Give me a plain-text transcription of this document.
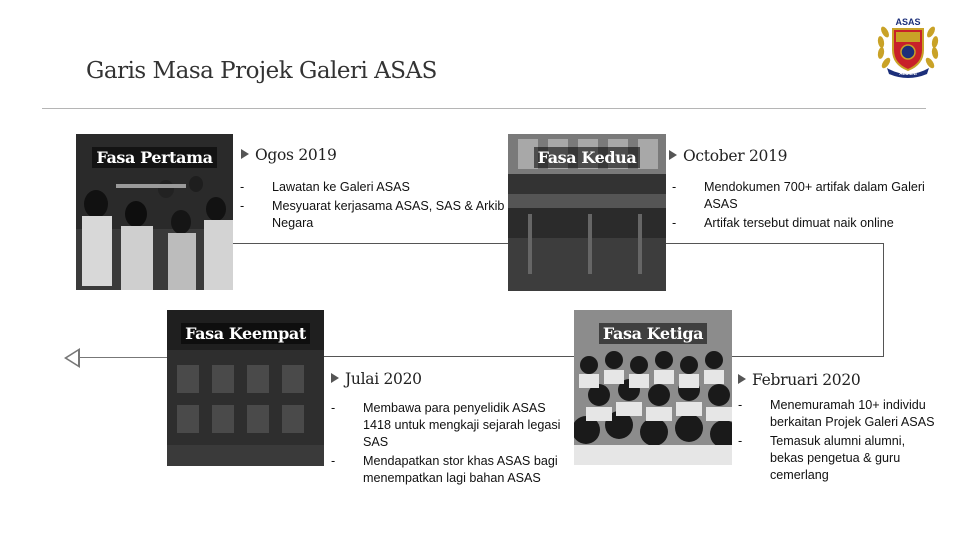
Garis Masa Projek Galeri ASAS
ASAS
ALUMNI
Fasa Pertama	Fasa Kedua
Fasa Ketiga
Fasa Keempat
Ogos 2019
- Lawatan ke Galeri ASAS
- Mesyuarat kerjasama ASAS, SAS & Arkib Negara
October 2019
- Mendokumen 700+ artifak dalam Galeri ASAS
- Artifak tersebut dimuat naik online
Februari 2020
- Menemuramah 10+ individu berkaitan Projek Galeri ASAS
- Temasuk alumni alumni, bekas pengetua & guru cemerlang
Julai 2020
- Membawa para penyelidik ASAS 1418 untuk mengkaji sejarah legasi SAS
- Mendapatkan stor khas ASAS bagi menempatkan lagi bahan ASAS
